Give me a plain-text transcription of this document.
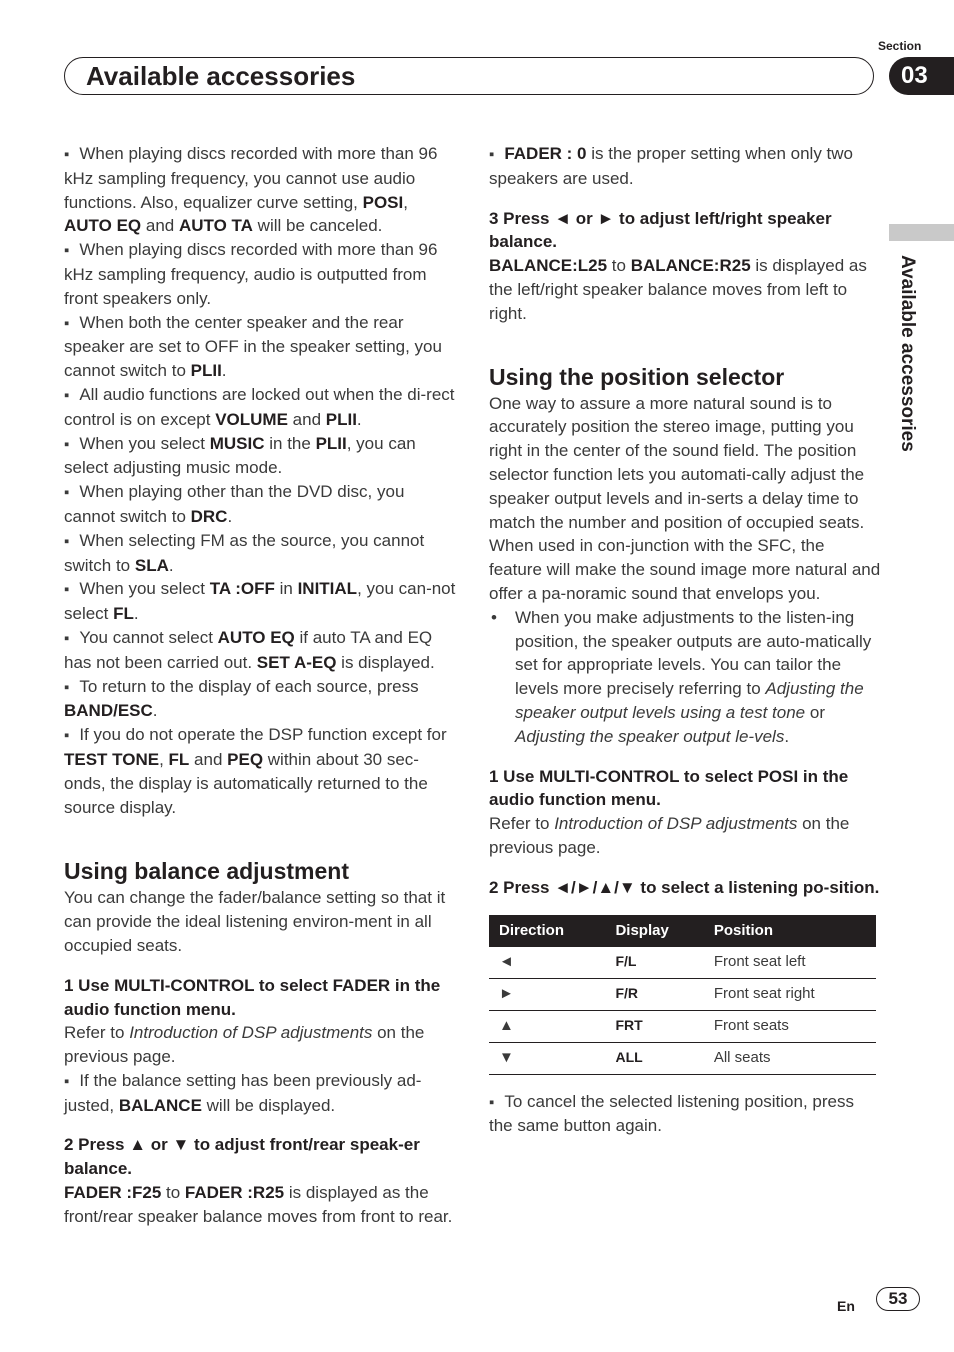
Section
Available accessories	03
Available accessories

▪ When playing discs recorded with more than 96 kHz sampling frequency, you cannot use audio functions. Also, equalizer curve setting, POSI, AUTO EQ and AUTO TA will be canceled.

▪ When playing discs recorded with more than 96 kHz sampling frequency, audio is outputted from front speakers only.

▪ When both the center speaker and the rear speaker are set to OFF in the speaker setting, you cannot switch to PLII.

▪ All audio functions are locked out when the di-rect control is on except VOLUME and PLII.

▪ When you select MUSIC in the PLII, you can select adjusting music mode.

▪ When playing other than the DVD disc, you cannot switch to DRC.

▪ When selecting FM as the source, you cannot switch to SLA.

▪ When you select TA :OFF in INITIAL, you can-not select FL.

▪ You cannot select AUTO EQ if auto TA and EQ has not been carried out. SET A-EQ is displayed.

▪ To return to the display of each source, press BAND/ESC.

▪ If you do not operate the DSP function except for TEST TONE, FL and PEQ within about 30 sec-onds, the display is automatically returned to the source display.

Using balance adjustment

You can change the fader/balance setting so that it can provide the ideal listening environ-ment in all occupied seats.

1 Use MULTI-CONTROL to select FADER in the audio function menu.

Refer to Introduction of DSP adjustments on the previous page.

▪ If the balance setting has been previously ad-justed, BALANCE will be displayed.

2 Press ▲ or ▼ to adjust front/rear speak-er balance.

FADER :F25 to FADER :R25 is displayed as the front/rear speaker balance moves from front to rear.

▪ FADER : 0 is the proper setting when only two speakers are used.

3 Press ◄ or ► to adjust left/right speaker balance.

BALANCE:L25 to BALANCE:R25 is displayed as the left/right speaker balance moves from left to right.

Using the position selector

One way to assure a more natural sound is to accurately position the stereo image, putting you right in the center of the sound field. The position selector function lets you automati-cally adjust the speaker output levels and in-serts a delay time to match the number and position of occupied seats. When used in con-junction with the SFC, the feature will make the sound image more natural and offer a pa-noramic sound that envelops you.

• When you make adjustments to the listen-ing position, the speaker outputs are auto-matically set for appropriate levels. You can tailor the levels more precisely referring to Adjusting the speaker output levels using a test tone or Adjusting the speaker output le-vels.

1 Use MULTI-CONTROL to select POSI in the audio function menu.

Refer to Introduction of DSP adjustments on the previous page.

2 Press ◄/►/▲/▼ to select a listening po-sition.

Direction	Display	Position
◄	F/L	Front seat left
►	F/R	Front seat right
▲	FRT	Front seats
▼	ALL	All seats

▪ To cancel the selected listening position, press the same button again.

En	53
